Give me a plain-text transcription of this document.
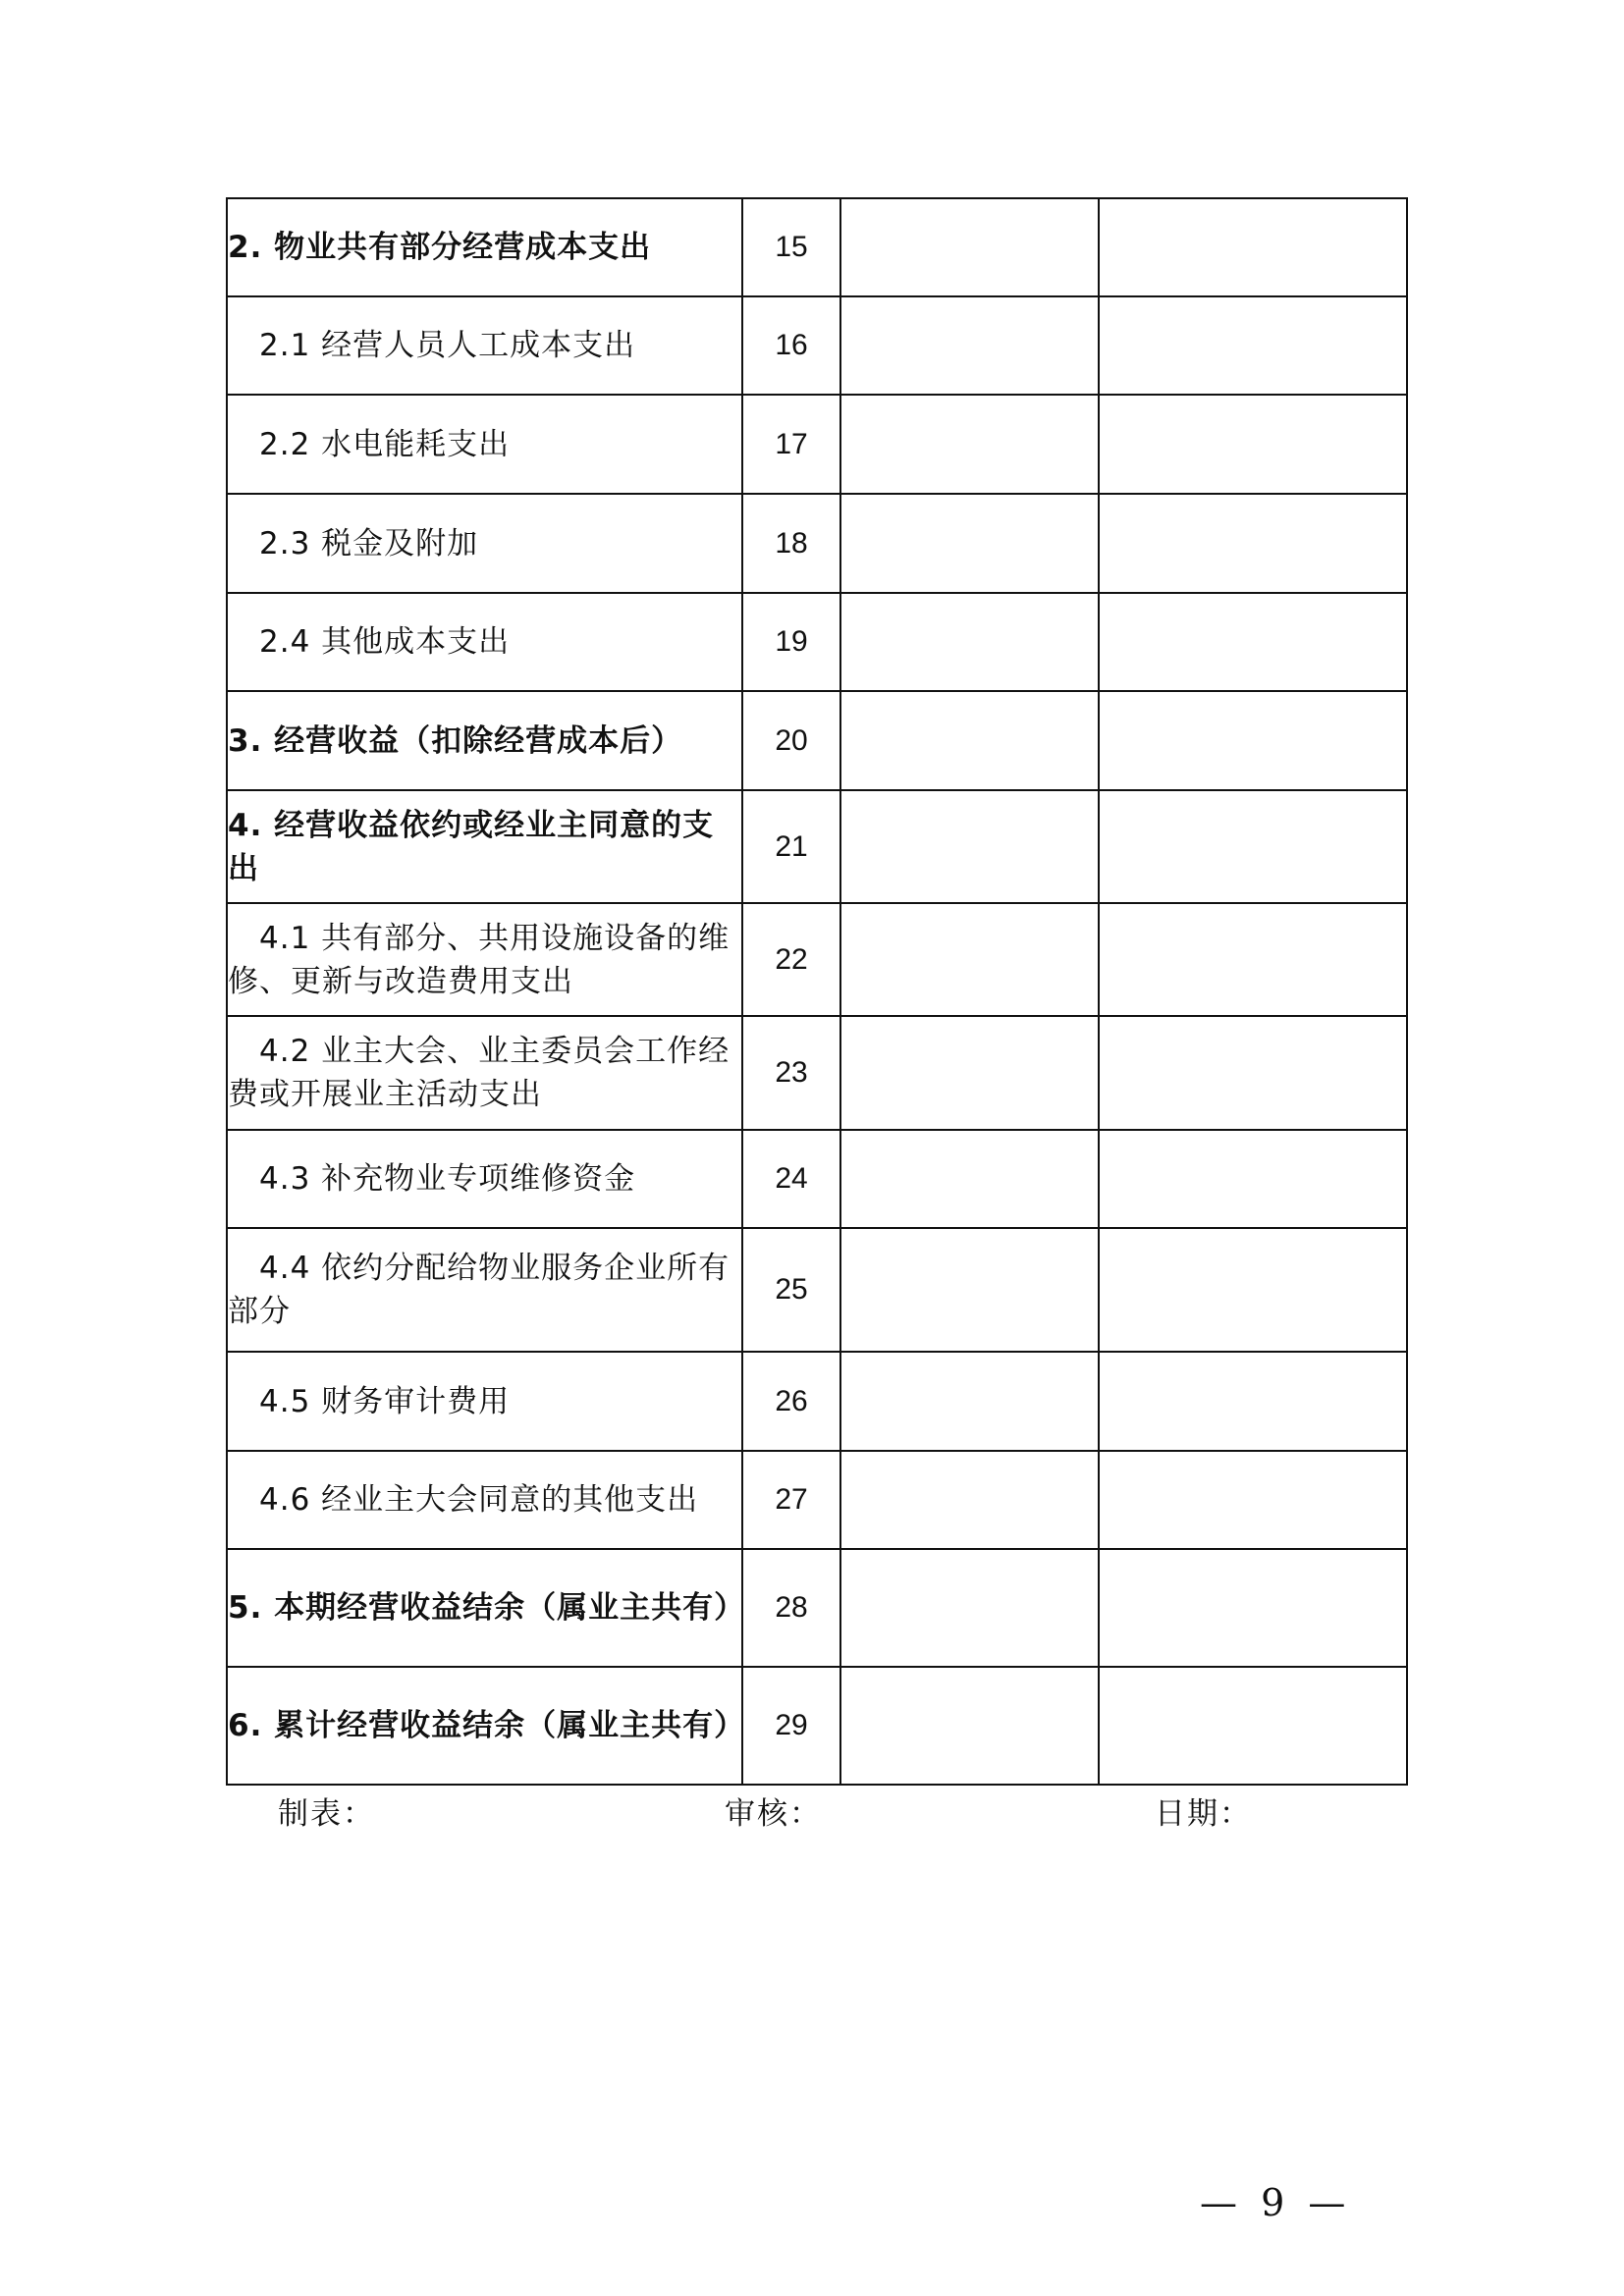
2. 物业共有部分经营成本支出	15		

2.1 经营人员人工成本支出	16		

2.2 水电能耗支出	17		

2.3 税金及附加	18		

2.4 其他成本支出	19		
3. 经营收益（扣除经营成本后）	20		
4. 经营收益依约或经业主同意的支出	21		

4.1 共有部分、共用设施设备的维修、更新与改造费用支出	22		

4.2 业主大会、业主委员会工作经费或开展业主活动支出	23		

4.3 补充物业专项维修资金	24		

4.4 依约分配给物业服务企业所有部分	25		

4.5 财务审计费用	26		

4.6 经业主大会同意的其他支出	27		
5. 本期经营收益结余（属业主共有）	28		
6. 累计经营收益结余（属业主共有）	29		
制表：	审核：	日期：
— 9 —
